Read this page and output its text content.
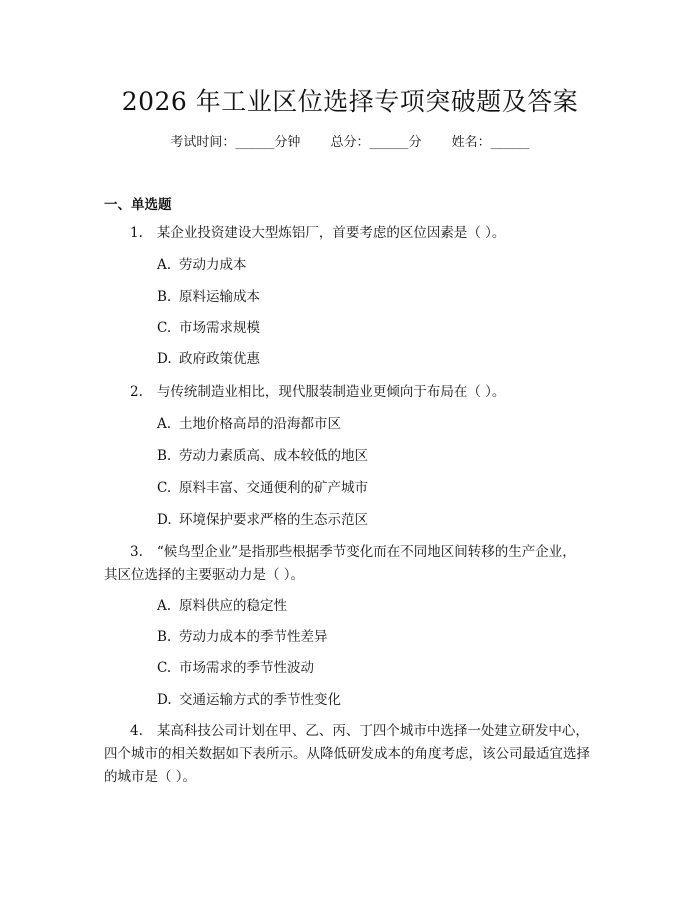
2026 年工业区位选择专项突破题及答案
考试时间：______分钟 总分：______分 姓名：______
一、单选题
1. 某企业投资建设大型炼铝厂，首要考虑的区位因素是（ ）。
A. 劳动力成本
B. 原料运输成本
C. 市场需求规模
D. 政府政策优惠
2. 与传统制造业相比，现代服装制造业更倾向于布局在（ ）。
A. 土地价格高昂的沿海都市区
B. 劳动力素质高、成本较低的地区
C. 原料丰富、交通便利的矿产城市
D. 环境保护要求严格的生态示范区
3. “候鸟型企业”是指那些根据季节变化而在不同地区间转移的生产企业，
其区位选择的主要驱动力是（ ）。
A. 原料供应的稳定性
B. 劳动力成本的季节性差异
C. 市场需求的季节性波动
D. 交通运输方式的季节性变化
4. 某高科技公司计划在甲、乙、丙、丁四个城市中选择一处建立研发中心，
四个城市的相关数据如下表所示。从降低研发成本的角度考虑，该公司最适宜选择
的城市是（ ）。
